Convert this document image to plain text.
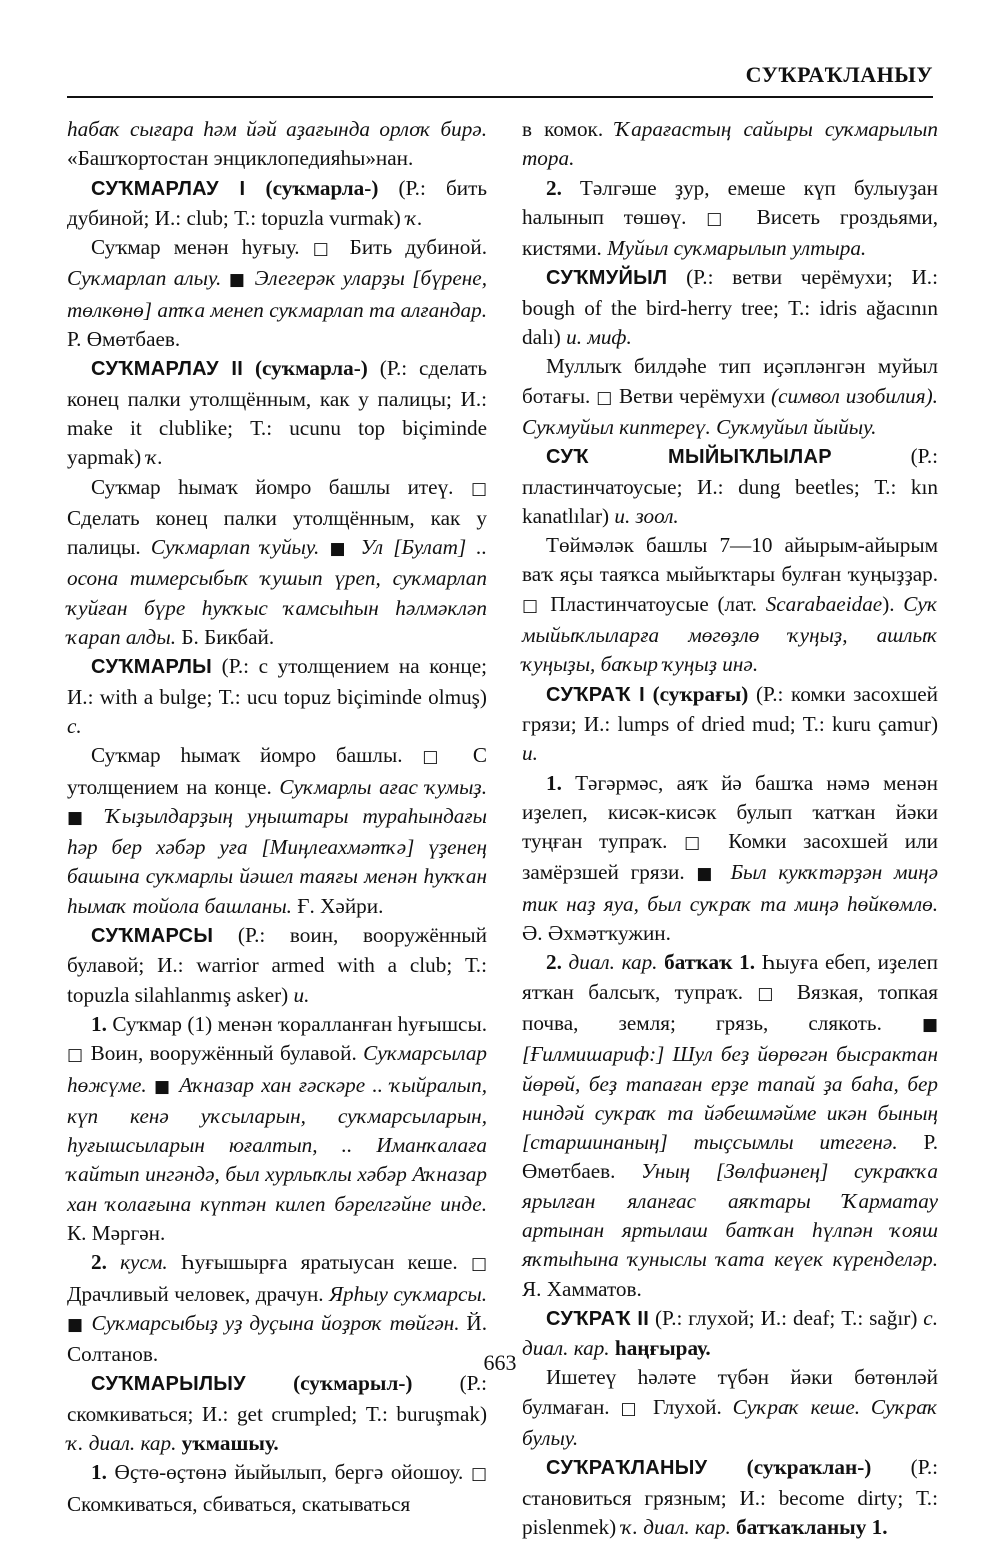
СУҠРАҠЛАНЫУ

һабаҡ сығара һәм йәй аҙағында орлоҡ бирә. «Башҡортостан энциклопедияһы»нан.

СУҠМАРЛАУ I (суҡмарла-) (Р.: бить дубиной; И.: club; Т.: topuzla vurmak) ҡ.

Суҡмар менән һуғыу. □ Бить дубиной. Суҡмарлап алыу. ■ Элегерәк уларҙы [бүрене, төлкөнө] атҡа менеп суҡмарлап та алғандар. Р. Өмөтбаев.

СУҠМАРЛАУ II (суҡмарла-) (Р.: сделать конец палки утолщённым, как у палицы; И.: make it clublike; Т.: ucunu top biçiminde yapmak) ҡ.

Суҡмар һымаҡ йомро башлы итеү. □ Сделать конец палки утолщённым, как у палицы. Суҡмарлап ҡуйыу. ■ Ул [Булат] .. осона тимерсыбыҡ ҡушып үреп, суҡмарлап ҡуйған бүре һуҡҡыс ҡамсыһын һәлмәкләп ҡарап алды. Б. Бикбай.

СУҠМАРЛЫ (Р.: с утолщением на конце; И.: with a bulge; Т.: ucu topuz biçiminde olmuş) с.

Суҡмар һымаҡ йомро башлы. □ С утолщением на конце. Суҡмарлы ағас ҡумыҙ. ■ Ҡыҙылдарҙың уңыштары тураһындағы һәр бер хәбәр уға [Миңлеахмәтҡә] үҙенең башына суҡмарлы йәшел таяғы менән һуҡҡан һымаҡ тойола башланы. Ғ. Хәйри.

СУҠМАРСЫ (Р.: воин, вооружённый булавой; И.: warrior armed with a club; Т.: topuzla silahlanmış asker) и.

1. Суҡмар (1) менән ҡоралланған һуғышсы. □ Воин, вооружённый булавой. Суҡмарсылар һөжүме. ■ Аҡназар хан ғәскәре .. ҡыйралып, күп кенә уҡсыларын, суҡмарсыларын, һуғышсыларын юғалтып, .. Иманҡалаға ҡайтып ингәндә, был хурлыҡлы хәбәр Аҡназар хан ҡолағына күптән килеп бәрелгәйне инде. К. Мәргән.

2. кусм. Һуғышырға яратыусан кеше. □ Драчливый человек, драчун. Ярһыу суҡмарсы. ■ Суҡмарсыбыҙ уҙ дуҫына йоҙроҡ төйгән. Й. Солтанов.

СУҠМАРЫЛЫУ (суҡмарыл-) (Р.: скомкиваться; И.: get crumpled; Т.: buruşmak) ҡ. диал. кар. уҡмашыу.

1. Өҫтө-өҫтөнә йыйылып, бергә ойошоу. □ Скомкиваться, сбиваться, скатываться

в комок. Ҡарағастың сайыры суҡмарылып тора.

2. Тәлгәше ҙур, емеше күп булыуҙан һалынып төшөү. □ Висеть гроздьями, кистями. Муйыл суҡмарылып ултыра.

СУҠМУЙЫЛ (Р.: ветви черёмухи; И.: bough of the bird-herry tree; Т.: idris ağacının dalı) и. миф.

Муллыҡ билдәһе тип иҫәпләнгән муйыл ботағы. □ Ветви черёмухи (символ изобилия). Суҡмуйыл киптереү. Суҡмуйыл йыйыу.

СУҠ МЫЙЫҠЛЫЛАР (Р.: пластинчатоусые; И.: dung beetles; Т.: kın kanatlılar) и. зоол.

Төймәләк башлы 7—10 айырым-айырым ваҡ яҫы таяҡса мыйыҡтары булған ҡуңыҙҙар. □ Пластинчатоусые (лат. Scarabaeidae). Суҡ мыйыҡлыларға мөгөҙлө ҡуңыҙ, ашлыҡ ҡуңыҙы, баҡыр ҡуңыҙ инә.

СУҠРАҠ I (суҡрағы) (Р.: комки засохшей грязи; И.: lumps of dried mud; Т.: kuru çamur) и.

1. Тәгәрмәс, аяҡ йә башҡа нәмә менән иҙелеп, кисәк-кисәк булып ҡатҡан йәки туңған тупраҡ. □ Комки засохшей или замёрзшей грязи. ■ Был кукҡтәрҙән миңә тик наҙ яуа, был суҡраҡ та миңә һөйкөмлө. Ә. Әхмәтҡужин.

2. диал. кар. батҡаҡ 1. Һыуға ебеп, иҙелеп ятҡан балсыҡ, тупраҡ. □ Вязкая, топкая почва, земля; грязь, слякоть. ■ [Ғилмишариф:] Шул беҙ йөрөгән бысрактан йөрөй, беҙ тапаған ерҙе тапай ҙа баһа, бер ниндәй суҡраҡ та йәбешмәйме икән быныӊ [старшинаның] тыҫсымлы итегенә. Р. Өмөтбаев. Уның [Зөлфиәнең] суҡраҡҡа ярылған яланғас аяҡтары Ҡарматау артынан яртылаш батҡан һүлпән ҡояш яҡтыһына ҡуныслы ҡата кеүек күренделәр. Я. Хамматов.

СУҠРАҠ II (Р.: глухой; И.: deaf; Т.: sağır) с. диал. кар. һаңғырау.

Ишетеү һәләте түбән йәки бөтөнләй булмаған. □ Глухой. Суҡраҡ кеше. Суҡраҡ булыу.

СУҠРАҠЛАНЫУ (суҡраҡлан-) (Р.: становиться грязным; И.: become dirty; Т.: pislenmek) ҡ. диал. кар. батҡаҡланыу 1.

663
